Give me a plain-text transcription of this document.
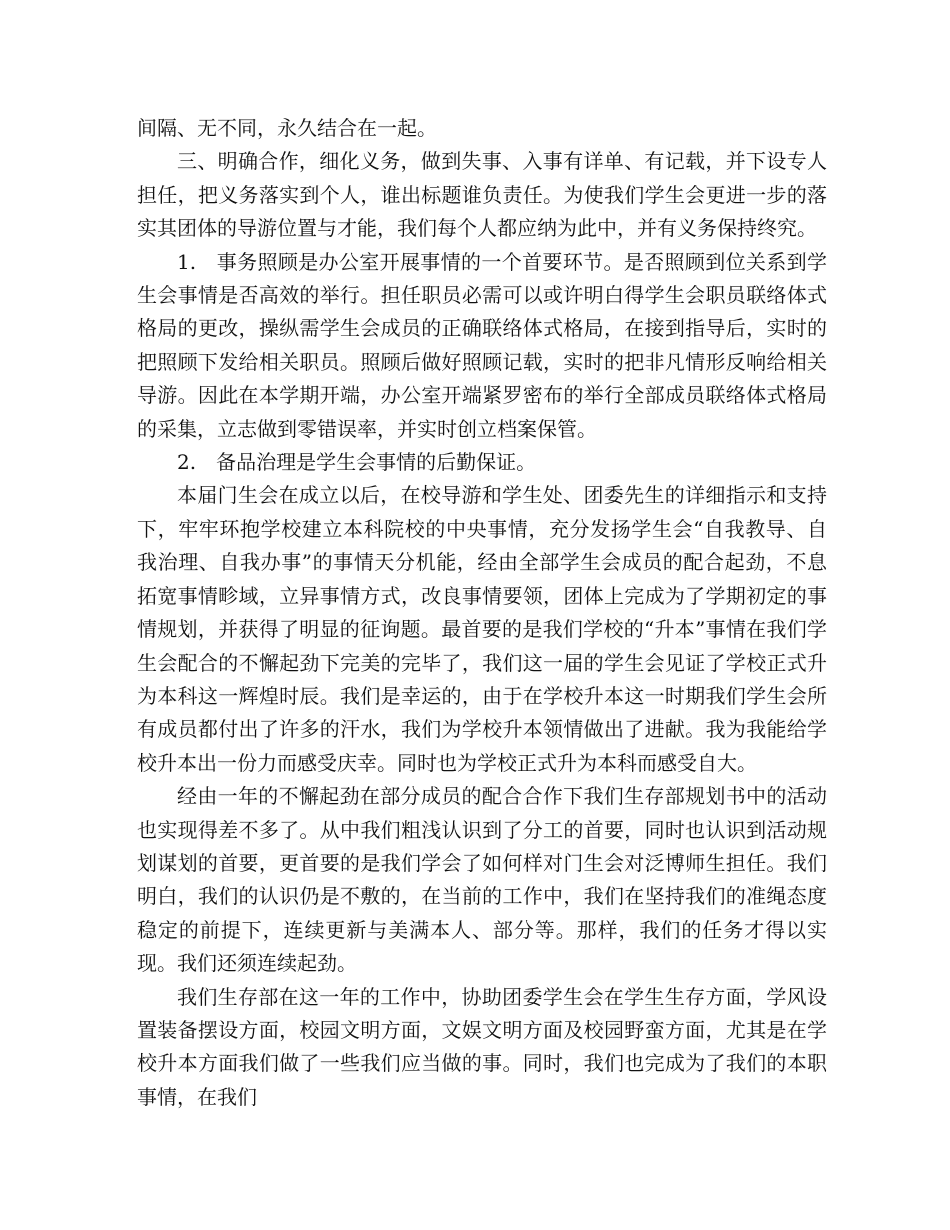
间隔、无不同，永久结合在一起。

三、明确合作，细化义务，做到失事、入事有详单、有记载，并下设专人担任，把义务落实到个人，谁出标题谁负责任。为使我们学生会更进一步的落实其团体的导游位置与才能，我们每个人都应纳为此中，并有义务保持终究。

1.　事务照顾是办公室开展事情的一个首要环节。是否照顾到位关系到学生会事情是否高效的举行。担任职员必需可以或许明白得学生会职员联络体式格局的更改，操纵需学生会成员的正确联络体式格局，在接到指导后，实时的把照顾下发给相关职员。照顾后做好照顾记载，实时的把非凡情形反响给相关导游。因此在本学期开端，办公室开端紧罗密布的举行全部成员联络体式格局的采集，立志做到零错误率，并实时创立档案保管。

2.　备品治理是学生会事情的后勤保证。

本届门生会在成立以后，在校导游和学生处、团委先生的详细指示和支持下，牢牢环抱学校建立本科院校的中央事情，充分发扬学生会“自我教导、自我治理、自我办事”的事情天分机能，经由全部学生会成员的配合起劲，不息拓宽事情畛域，立异事情方式，改良事情要领，团体上完成为了学期初定的事情规划，并获得了明显的征询题。最首要的是我们学校的“升本”事情在我们学生会配合的不懈起劲下完美的完毕了，我们这一届的学生会见证了学校正式升为本科这一辉煌时辰。我们是幸运的，由于在学校升本这一时期我们学生会所有成员都付出了许多的汗水，我们为学校升本领情做出了进献。我为我能给学校升本出一份力而感受庆幸。同时也为学校正式升为本科而感受自大。

经由一年的不懈起劲在部分成员的配合合作下我们生存部规划书中的活动也实现得差不多了。从中我们粗浅认识到了分工的首要，同时也认识到活动规划谋划的首要，更首要的是我们学会了如何样对门生会对泛博师生担任。我们明白，我们的认识仍是不敷的，在当前的工作中，我们在坚持我们的准绳态度稳定的前提下，连续更新与美满本人、部分等。那样，我们的任务才得以实现。我们还须连续起劲。

我们生存部在这一年的工作中，协助团委学生会在学生生存方面，学风设置装备摆设方面，校园文明方面，文娱文明方面及校园野蛮方面，尤其是在学校升本方面我们做了一些我们应当做的事。同时，我们也完成为了我们的本职事情，在我们
